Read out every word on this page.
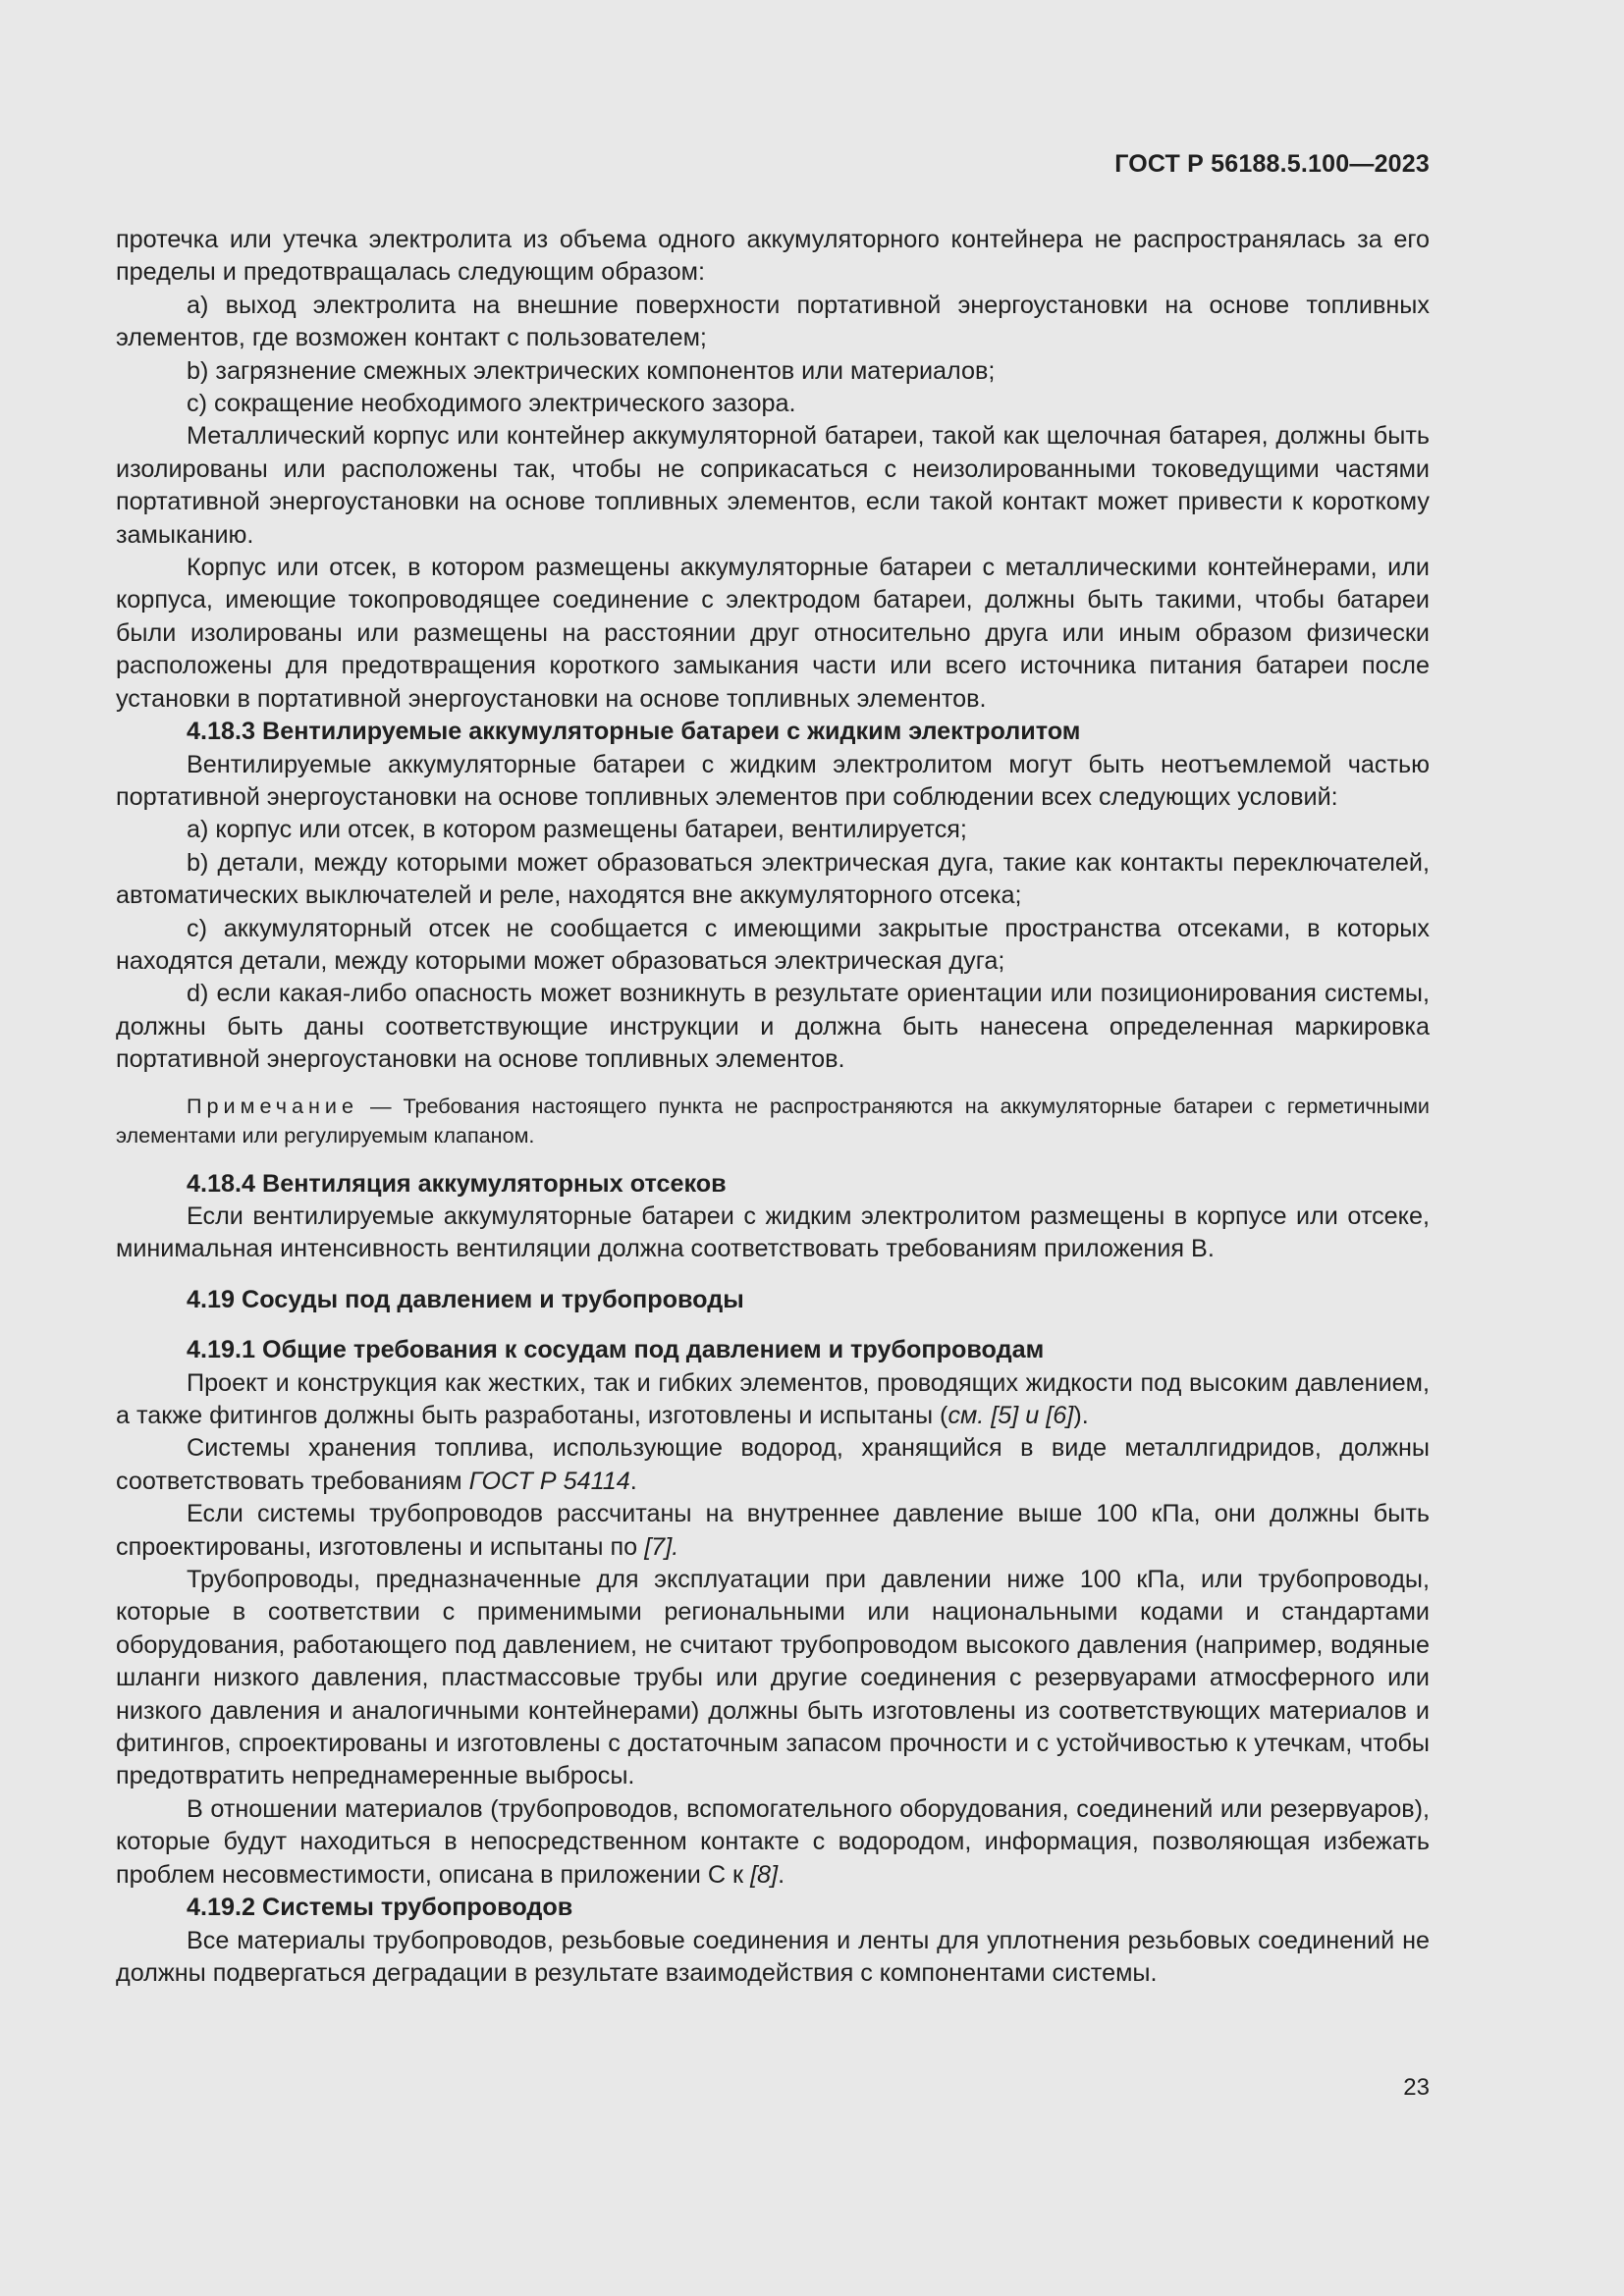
ГОСТ Р 56188.5.100—2023

протечка или утечка электролита из объема одного аккумуляторного контейнера не распространялась за его пределы и предотвращалась следующим образом:

a) выход электролита на внешние поверхности портативной энергоустановки на основе топливных элементов, где возможен контакт с пользователем;

b) загрязнение смежных электрических компонентов или материалов;

c) сокращение необходимого электрического зазора.

Металлический корпус или контейнер аккумуляторной батареи, такой как щелочная батарея, должны быть изолированы или расположены так, чтобы не соприкасаться с неизолированными токоведущими частями портативной энергоустановки на основе топливных элементов, если такой контакт может привести к короткому замыканию.

Корпус или отсек, в котором размещены аккумуляторные батареи с металлическими контейнерами, или корпуса, имеющие токопроводящее соединение с электродом батареи, должны быть такими, чтобы батареи были изолированы или размещены на расстоянии друг относительно друга или иным образом физически расположены для предотвращения короткого замыкания части или всего источника питания батареи после установки в портативной энергоустановки на основе топливных элементов.

4.18.3 Вентилируемые аккумуляторные батареи с жидким электролитом

Вентилируемые аккумуляторные батареи с жидким электролитом могут быть неотъемлемой частью портативной энергоустановки на основе топливных элементов при соблюдении всех следующих условий:

a) корпус или отсек, в котором размещены батареи, вентилируется;

b) детали, между которыми может образоваться электрическая дуга, такие как контакты переключателей, автоматических выключателей и реле, находятся вне аккумуляторного отсека;

c) аккумуляторный отсек не сообщается с имеющими закрытые пространства отсеками, в которых находятся детали, между которыми может образоваться электрическая дуга;

d) если какая-либо опасность может возникнуть в результате ориентации или позиционирования системы, должны быть даны соответствующие инструкции и должна быть нанесена определенная маркировка портативной энергоустановки на основе топливных элементов.

Примечание — Требования настоящего пункта не распространяются на аккумуляторные батареи с герметичными элементами или регулируемым клапаном.

4.18.4 Вентиляция аккумуляторных отсеков

Если вентилируемые аккумуляторные батареи с жидким электролитом размещены в корпусе или отсеке, минимальная интенсивность вентиляции должна соответствовать требованиям приложения В.

4.19 Сосуды под давлением и трубопроводы

4.19.1 Общие требования к сосудам под давлением и трубопроводам

Проект и конструкция как жестких, так и гибких элементов, проводящих жидкости под высоким давлением, а также фитингов должны быть разработаны, изготовлены и испытаны (см. [5] и [6]).

Системы хранения топлива, использующие водород, хранящийся в виде металлгидридов, должны соответствовать требованиям ГОСТ Р 54114.

Если системы трубопроводов рассчитаны на внутреннее давление выше 100 кПа, они должны быть спроектированы, изготовлены и испытаны по [7].

Трубопроводы, предназначенные для эксплуатации при давлении ниже 100 кПа, или трубопроводы, которые в соответствии с применимыми региональными или национальными кодами и стандартами оборудования, работающего под давлением, не считают трубопроводом высокого давления (например, водяные шланги низкого давления, пластмассовые трубы или другие соединения с резервуарами атмосферного или низкого давления и аналогичными контейнерами) должны быть изготовлены из соответствующих материалов и фитингов, спроектированы и изготовлены с достаточным запасом прочности и с устойчивостью к утечкам, чтобы предотвратить непреднамеренные выбросы.

В отношении материалов (трубопроводов, вспомогательного оборудования, соединений или резервуаров), которые будут находиться в непосредственном контакте с водородом, информация, позволяющая избежать проблем несовместимости, описана в приложении С к [8].

4.19.2 Системы трубопроводов

Все материалы трубопроводов, резьбовые соединения и ленты для уплотнения резьбовых соединений не должны подвергаться деградации в результате взаимодействия с компонентами системы.

23
